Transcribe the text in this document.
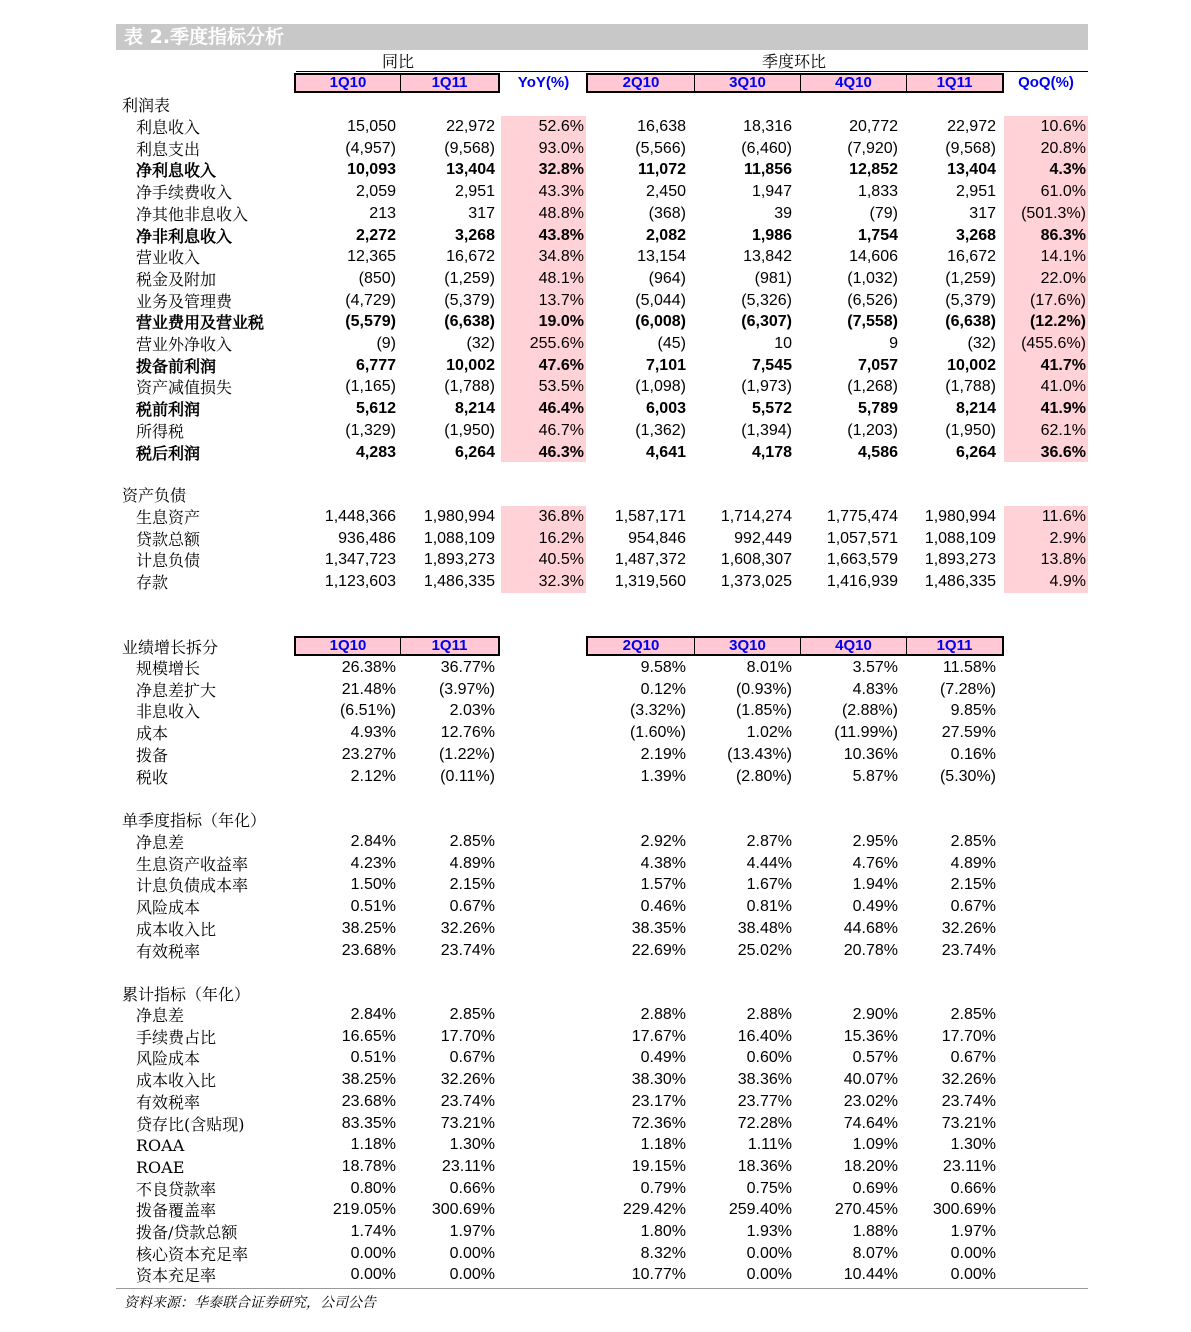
表 2.季度指标分析
同比	季度环比
1Q10	1Q11	YoY(%)	2Q10	3Q10	4Q10	1Q11	QoQ(%)
1Q10	1Q11	2Q10	3Q10	4Q10	1Q11
利润表
利息收入	15,050	22,972	52.6%	16,638	18,316	20,772	22,972	10.6%
利息支出	(4,957)	(9,568)	93.0%	(5,566)	(6,460)	(7,920)	(9,568)	20.8%
净利息收入	10,093	13,404	32.8%	11,072	11,856	12,852	13,404	4.3%
净手续费收入	2,059	2,951	43.3%	2,450	1,947	1,833	2,951	61.0%
净其他非息收入	213	317	48.8%	(368)	39	(79)	317	(501.3%)
净非利息收入	2,272	3,268	43.8%	2,082	1,986	1,754	3,268	86.3%
营业收入	12,365	16,672	34.8%	13,154	13,842	14,606	16,672	14.1%
税金及附加	(850)	(1,259)	48.1%	(964)	(981)	(1,032)	(1,259)	22.0%
业务及管理费	(4,729)	(5,379)	13.7%	(5,044)	(5,326)	(6,526)	(5,379)	(17.6%)
营业费用及营业税	(5,579)	(6,638)	19.0%	(6,008)	(6,307)	(7,558)	(6,638)	(12.2%)
营业外净收入	(9)	(32)	255.6%	(45)	10	9	(32)	(455.6%)
拨备前利润	6,777	10,002	47.6%	7,101	7,545	7,057	10,002	41.7%
资产减值损失	(1,165)	(1,788)	53.5%	(1,098)	(1,973)	(1,268)	(1,788)	41.0%
税前利润	5,612	8,214	46.4%	6,003	5,572	5,789	8,214	41.9%
所得税	(1,329)	(1,950)	46.7%	(1,362)	(1,394)	(1,203)	(1,950)	62.1%
税后利润	4,283	6,264	46.3%	4,641	4,178	4,586	6,264	36.6%
资产负债
生息资产	1,448,366	1,980,994	36.8%	1,587,171	1,714,274	1,775,474	1,980,994	11.6%
贷款总额	936,486	1,088,109	16.2%	954,846	992,449	1,057,571	1,088,109	2.9%
计息负债	1,347,723	1,893,273	40.5%	1,487,372	1,608,307	1,663,579	1,893,273	13.8%
存款	1,123,603	1,486,335	32.3%	1,319,560	1,373,025	1,416,939	1,486,335	4.9%
业绩增长拆分
规模增长	26.38%	36.77%	9.58%	8.01%	3.57%	11.58%
净息差扩大	21.48%	(3.97%)	0.12%	(0.93%)	4.83%	(7.28%)
非息收入	(6.51%)	2.03%	(3.32%)	(1.85%)	(2.88%)	9.85%
成本	4.93%	12.76%	(1.60%)	1.02%	(11.99%)	27.59%
拨备	23.27%	(1.22%)	2.19%	(13.43%)	10.36%	0.16%
税收	2.12%	(0.11%)	1.39%	(2.80%)	5.87%	(5.30%)
单季度指标（年化）
净息差	2.84%	2.85%	2.92%	2.87%	2.95%	2.85%
生息资产收益率	4.23%	4.89%	4.38%	4.44%	4.76%	4.89%
计息负债成本率	1.50%	2.15%	1.57%	1.67%	1.94%	2.15%
风险成本	0.51%	0.67%	0.46%	0.81%	0.49%	0.67%
成本收入比	38.25%	32.26%	38.35%	38.48%	44.68%	32.26%
有效税率	23.68%	23.74%	22.69%	25.02%	20.78%	23.74%
累计指标（年化）
净息差	2.84%	2.85%	2.88%	2.88%	2.90%	2.85%
手续费占比	16.65%	17.70%	17.67%	16.40%	15.36%	17.70%
风险成本	0.51%	0.67%	0.49%	0.60%	0.57%	0.67%
成本收入比	38.25%	32.26%	38.30%	38.36%	40.07%	32.26%
有效税率	23.68%	23.74%	23.17%	23.77%	23.02%	23.74%
贷存比(含贴现)	83.35%	73.21%	72.36%	72.28%	74.64%	73.21%
ROAA	1.18%	1.30%	1.18%	1.11%	1.09%	1.30%
ROAE	18.78%	23.11%	19.15%	18.36%	18.20%	23.11%
不良贷款率	0.80%	0.66%	0.79%	0.75%	0.69%	0.66%
拨备覆盖率	219.05%	300.69%	229.42%	259.40%	270.45%	300.69%
拨备/贷款总额	1.74%	1.97%	1.80%	1.93%	1.88%	1.97%
核心资本充足率	0.00%	0.00%	8.32%	0.00%	8.07%	0.00%
资本充足率	0.00%	0.00%	10.77%	0.00%	10.44%	0.00%
资料来源：华泰联合证券研究，公司公告
